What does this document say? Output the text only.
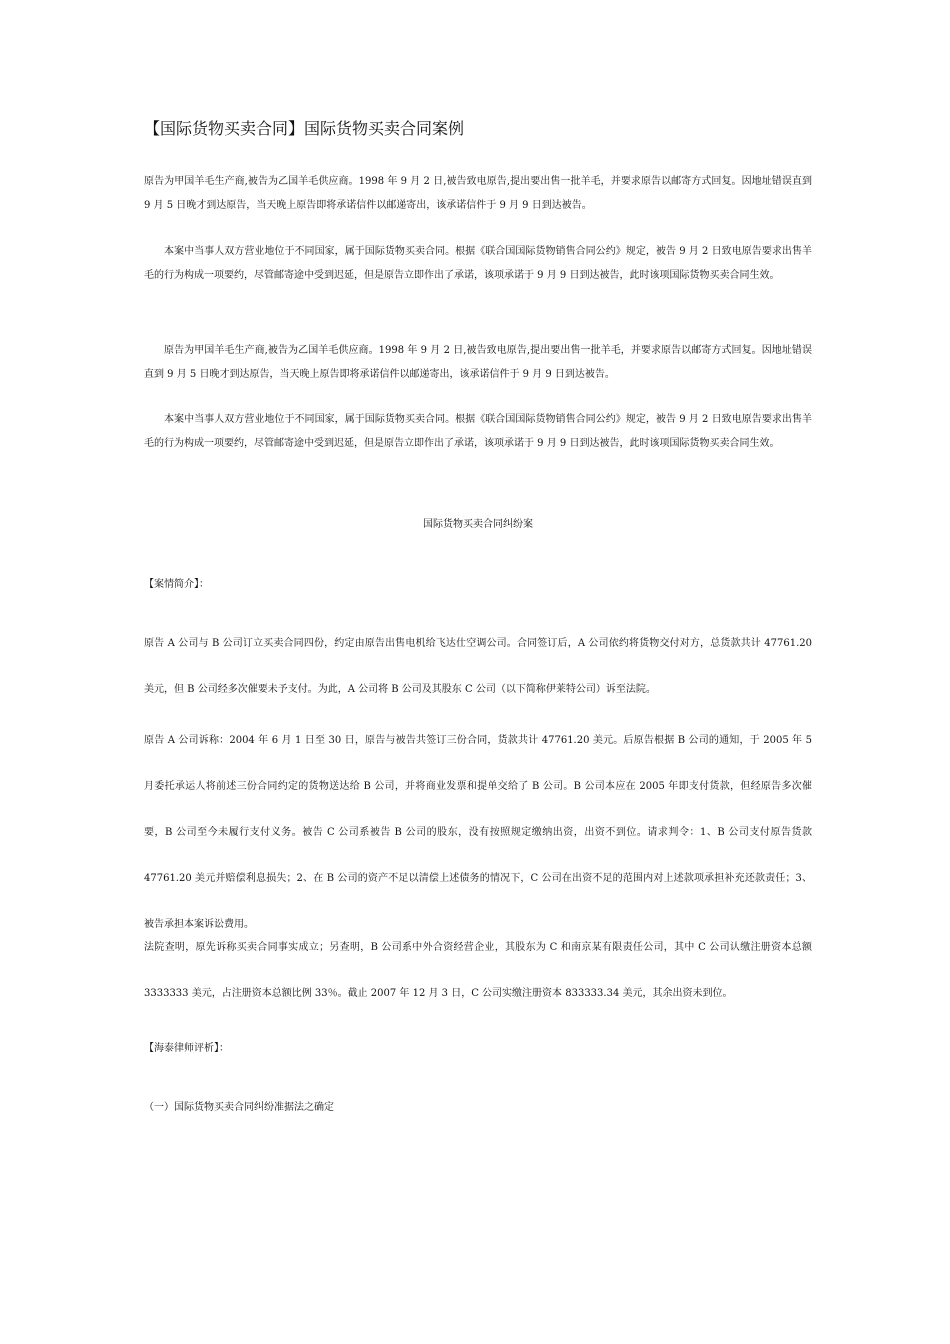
【国际货物买卖合同】国际货物买卖合同案例
原告为甲国羊毛生产商,被告为乙国羊毛供应商。1998 年 9 月 2 日,被告致电原告,提出要出售一批羊毛，并要求原告以邮寄方式回复。因地址错误直到 9 月 5 日晚才到达原告，当天晚上原告即将承诺信件以邮递寄出，该承诺信件于 9 月 9 日到达被告。
本案中当事人双方营业地位于不同国家，属于国际货物买卖合同。根据《联合国国际货物销售合同公约》规定，被告 9 月 2 日致电原告要求出售羊毛的行为构成一项要约，尽管邮寄途中受到迟延，但是原告立即作出了承诺，该项承诺于 9 月 9 日到达被告，此时该项国际货物买卖合同生效。
原告为甲国羊毛生产商,被告为乙国羊毛供应商。1998 年 9 月 2 日,被告致电原告,提出要出售一批羊毛，并要求原告以邮寄方式回复。因地址错误直到 9 月 5 日晚才到达原告，当天晚上原告即将承诺信件以邮递寄出，该承诺信件于 9 月 9 日到达被告。
本案中当事人双方营业地位于不同国家，属于国际货物买卖合同。根据《联合国国际货物销售合同公约》规定，被告 9 月 2 日致电原告要求出售羊毛的行为构成一项要约，尽管邮寄途中受到迟延，但是原告立即作出了承诺，该项承诺于 9 月 9 日到达被告，此时该项国际货物买卖合同生效。
国际货物买卖合同纠纷案
【案情简介】：
原告 A 公司与 B 公司订立买卖合同四份，约定由原告出售电机给飞达仕空调公司。合同签订后，A 公司依约将货物交付对方，总货款共计 47761.20 美元，但 B 公司经多次催要未予支付。为此，A 公司将 B 公司及其股东 C 公司（以下简称伊莱特公司）诉至法院。
原告 A 公司诉称：2004 年 6 月 1 日至 30 日，原告与被告共签订三份合同，货款共计 47761.20 美元。后原告根据 B 公司的通知，于 2005 年 5 月委托承运人将前述三份合同约定的货物送达给 B 公司，并将商业发票和提单交给了 B 公司。B 公司本应在 2005 年即支付货款，但经原告多次催要，B 公司至今未履行支付义务。被告 C 公司系被告 B 公司的股东，没有按照规定缴纳出资，出资不到位。请求判令：1、B 公司支付原告货款 47761.20 美元并赔偿利息损失；2、在 B 公司的资产不足以清偿上述债务的情况下，C 公司在出资不足的范围内对上述款项承担补充还款责任；3、被告承担本案诉讼费用。
法院查明，原先诉称买卖合同事实成立；另查明，B 公司系中外合资经营企业，其股东为 C 和南京某有限责任公司，其中 C 公司认缴注册资本总额 3333333 美元，占注册资本总额比例 33％。截止 2007 年 12 月 3 日，C 公司实缴注册资本 833333.34 美元，其余出资未到位。
【海泰律师评析】：
（一）国际货物买卖合同纠纷准据法之确定
